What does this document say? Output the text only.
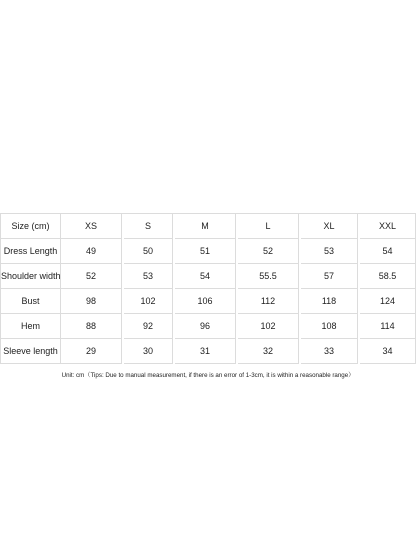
Size (cm)	XS		S		M		L		XL		XXL
Dress Length	49		50		51		52		53		54
Shoulder width	52		53		54		55.5		57		58.5
Bust	98		102		106		112		118		124
Hem	88		92		96		102		108		114
Sleeve length	29		30		31		32		33		34
Unit: cm（Tips: Due to manual measurement, if there is an error of 1-3cm, it is within a reasonable range）
